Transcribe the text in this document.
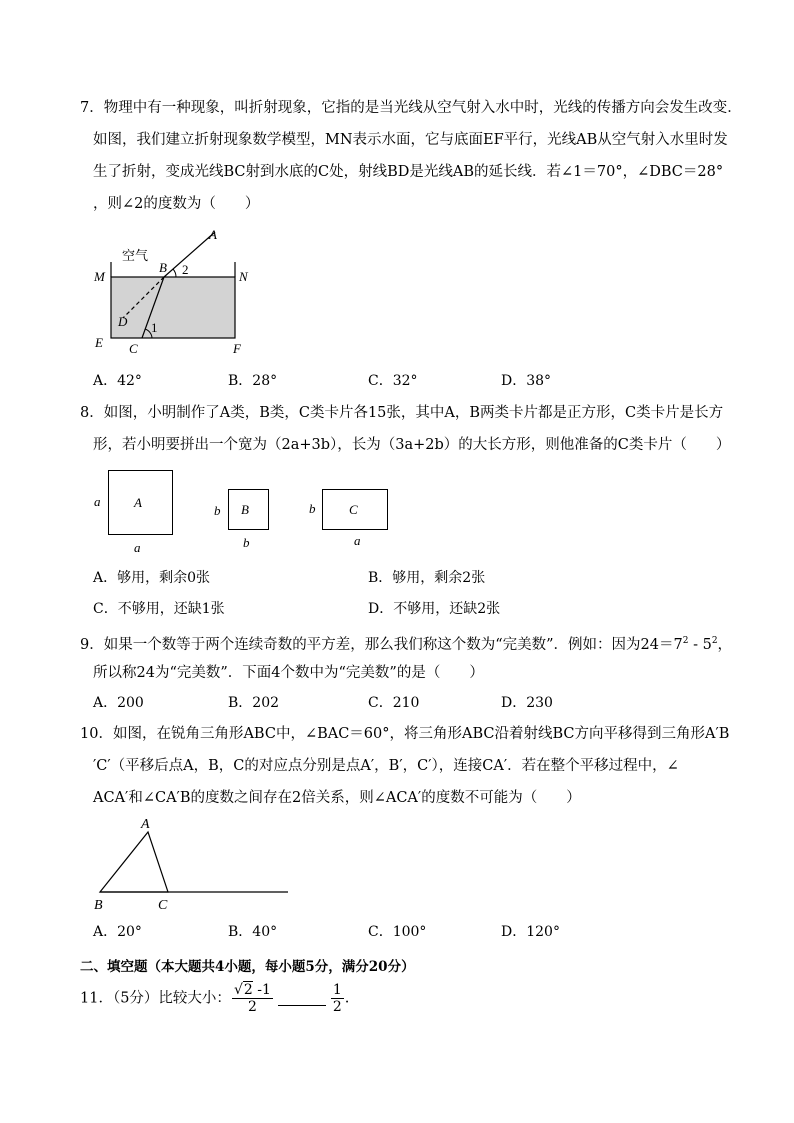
7．物理中有一种现象，叫折射现象，它指的是当光线从空气射入水中时，光线的传播方向会发生改变．
如图，我们建立折射现象数学模型，MN表示水面，它与底面EF平行，光线AB从空气射入水里时发
生了折射，变成光线BC射到水底的C处，射线BD是光线AB的延长线．若∠1＝70°，∠DBC＝28°
，则∠2的度数为（　　）
空气
A
B 2
M	N
D 1
E C	F
A．42°	B．28°	C．32°	D．38°
8．如图，小明制作了A类，B类，C类卡片各15张，其中A，B两类卡片都是正方形，C类卡片是长方
形，若小明要拼出一个宽为（2a+3b），长为（3a+2b）的大长方形，则他准备的C类卡片（　　）
A
a
a
B
b
b
C
b
a
A．够用，剩余0张	B．够用，剩余2张
C．不够用，还缺1张	D．不够用，还缺2张
9．如果一个数等于两个连续奇数的平方差，那么我们称这个数为“完美数”．例如：因为$24=7^2 - 5^2$，
所以称24为“完美数”．下面4个数中为“完美数”的是（　　）
A．200	B．202	C．210	D．230
10．如图，在锐角三角形ABC中，∠BAC＝60°，将三角形ABC沿着射线BC方向平移得到三角形A′B
′C′（平移后点A，B，C的对应点分别是点A′，B′，C′），连接CA′．若在整个平移过程中，∠
ACA′和∠CA′B的度数之间存在2倍关系，则∠ACA′的度数不可能为（　　）
A
B	C
A．20°	B．40°	C．100°	D．120°
二、填空题（本大题共4小题，每小题5分，满分20分）
11．（5分）比较大小： $\frac{√2 -1}{2}$	$\frac{1}{2}$ .
